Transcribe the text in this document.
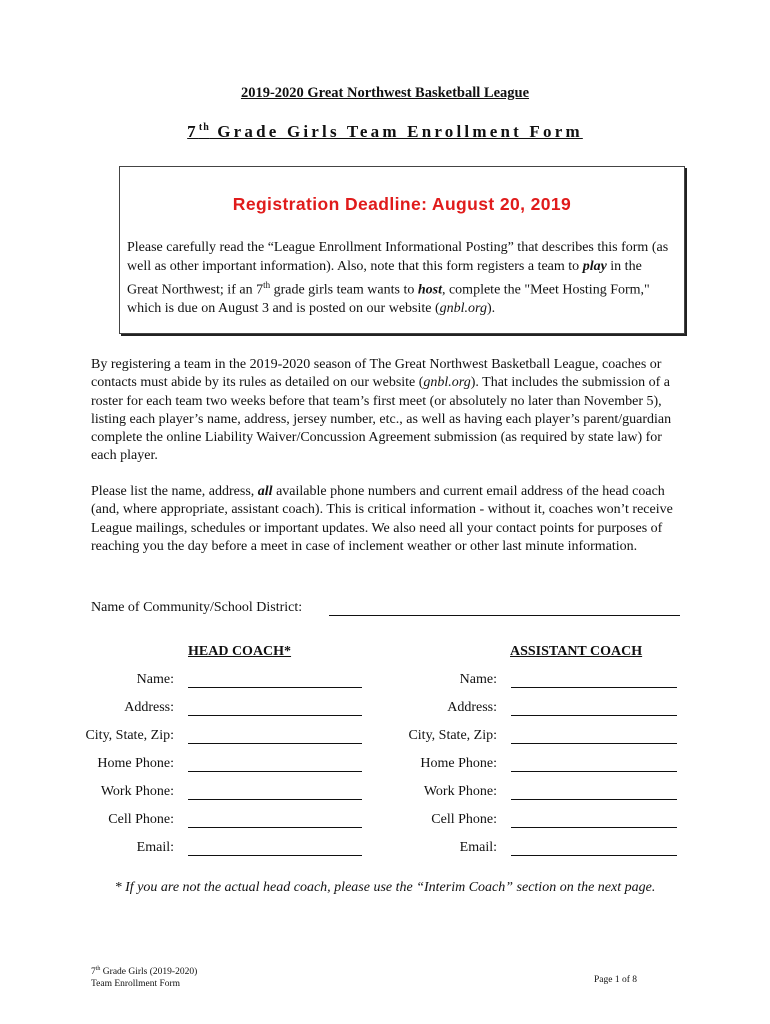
2019-2020 Great Northwest Basketball League
7th Grade Girls Team Enrollment Form
Registration Deadline: August 20, 2019
Please carefully read the “League Enrollment Informational Posting” that describes this form (as well as other important information). Also, note that this form registers a team to play in the Great Northwest; if an 7th grade girls team wants to host, complete the "Meet Hosting Form," which is due on August 3 and is posted on our website (gnbl.org).
By registering a team in the 2019-2020 season of The Great Northwest Basketball League, coaches or contacts must abide by its rules as detailed on our website (gnbl.org). That includes the submission of a roster for each team two weeks before that team’s first meet (or absolutely no later than November 5), listing each player’s name, address, jersey number, etc., as well as having each player’s parent/guardian complete the online Liability Waiver/Concussion Agreement submission (as required by state law) for each player.
Please list the name, address, all available phone numbers and current email address of the head coach (and, where appropriate, assistant coach). This is critical information - without it, coaches won’t receive League mailings, schedules or important updates. We also need all your contact points for purposes of reaching you the day before a meet in case of inclement weather or other last minute information.
Name of Community/School District:
HEAD COACH*	ASSISTANT COACH
Name:
Address:
City, State, Zip:
Home Phone:
Work Phone:
Cell Phone:
Email:
Name:
Address:
City, State, Zip:
Home Phone:
Work Phone:
Cell Phone:
Email:
* If you are not the actual head coach, please use the “Interim Coach” section on the next page.
7th Grade Girls (2019-2020)
Team Enrollment Form	Page 1 of 8
